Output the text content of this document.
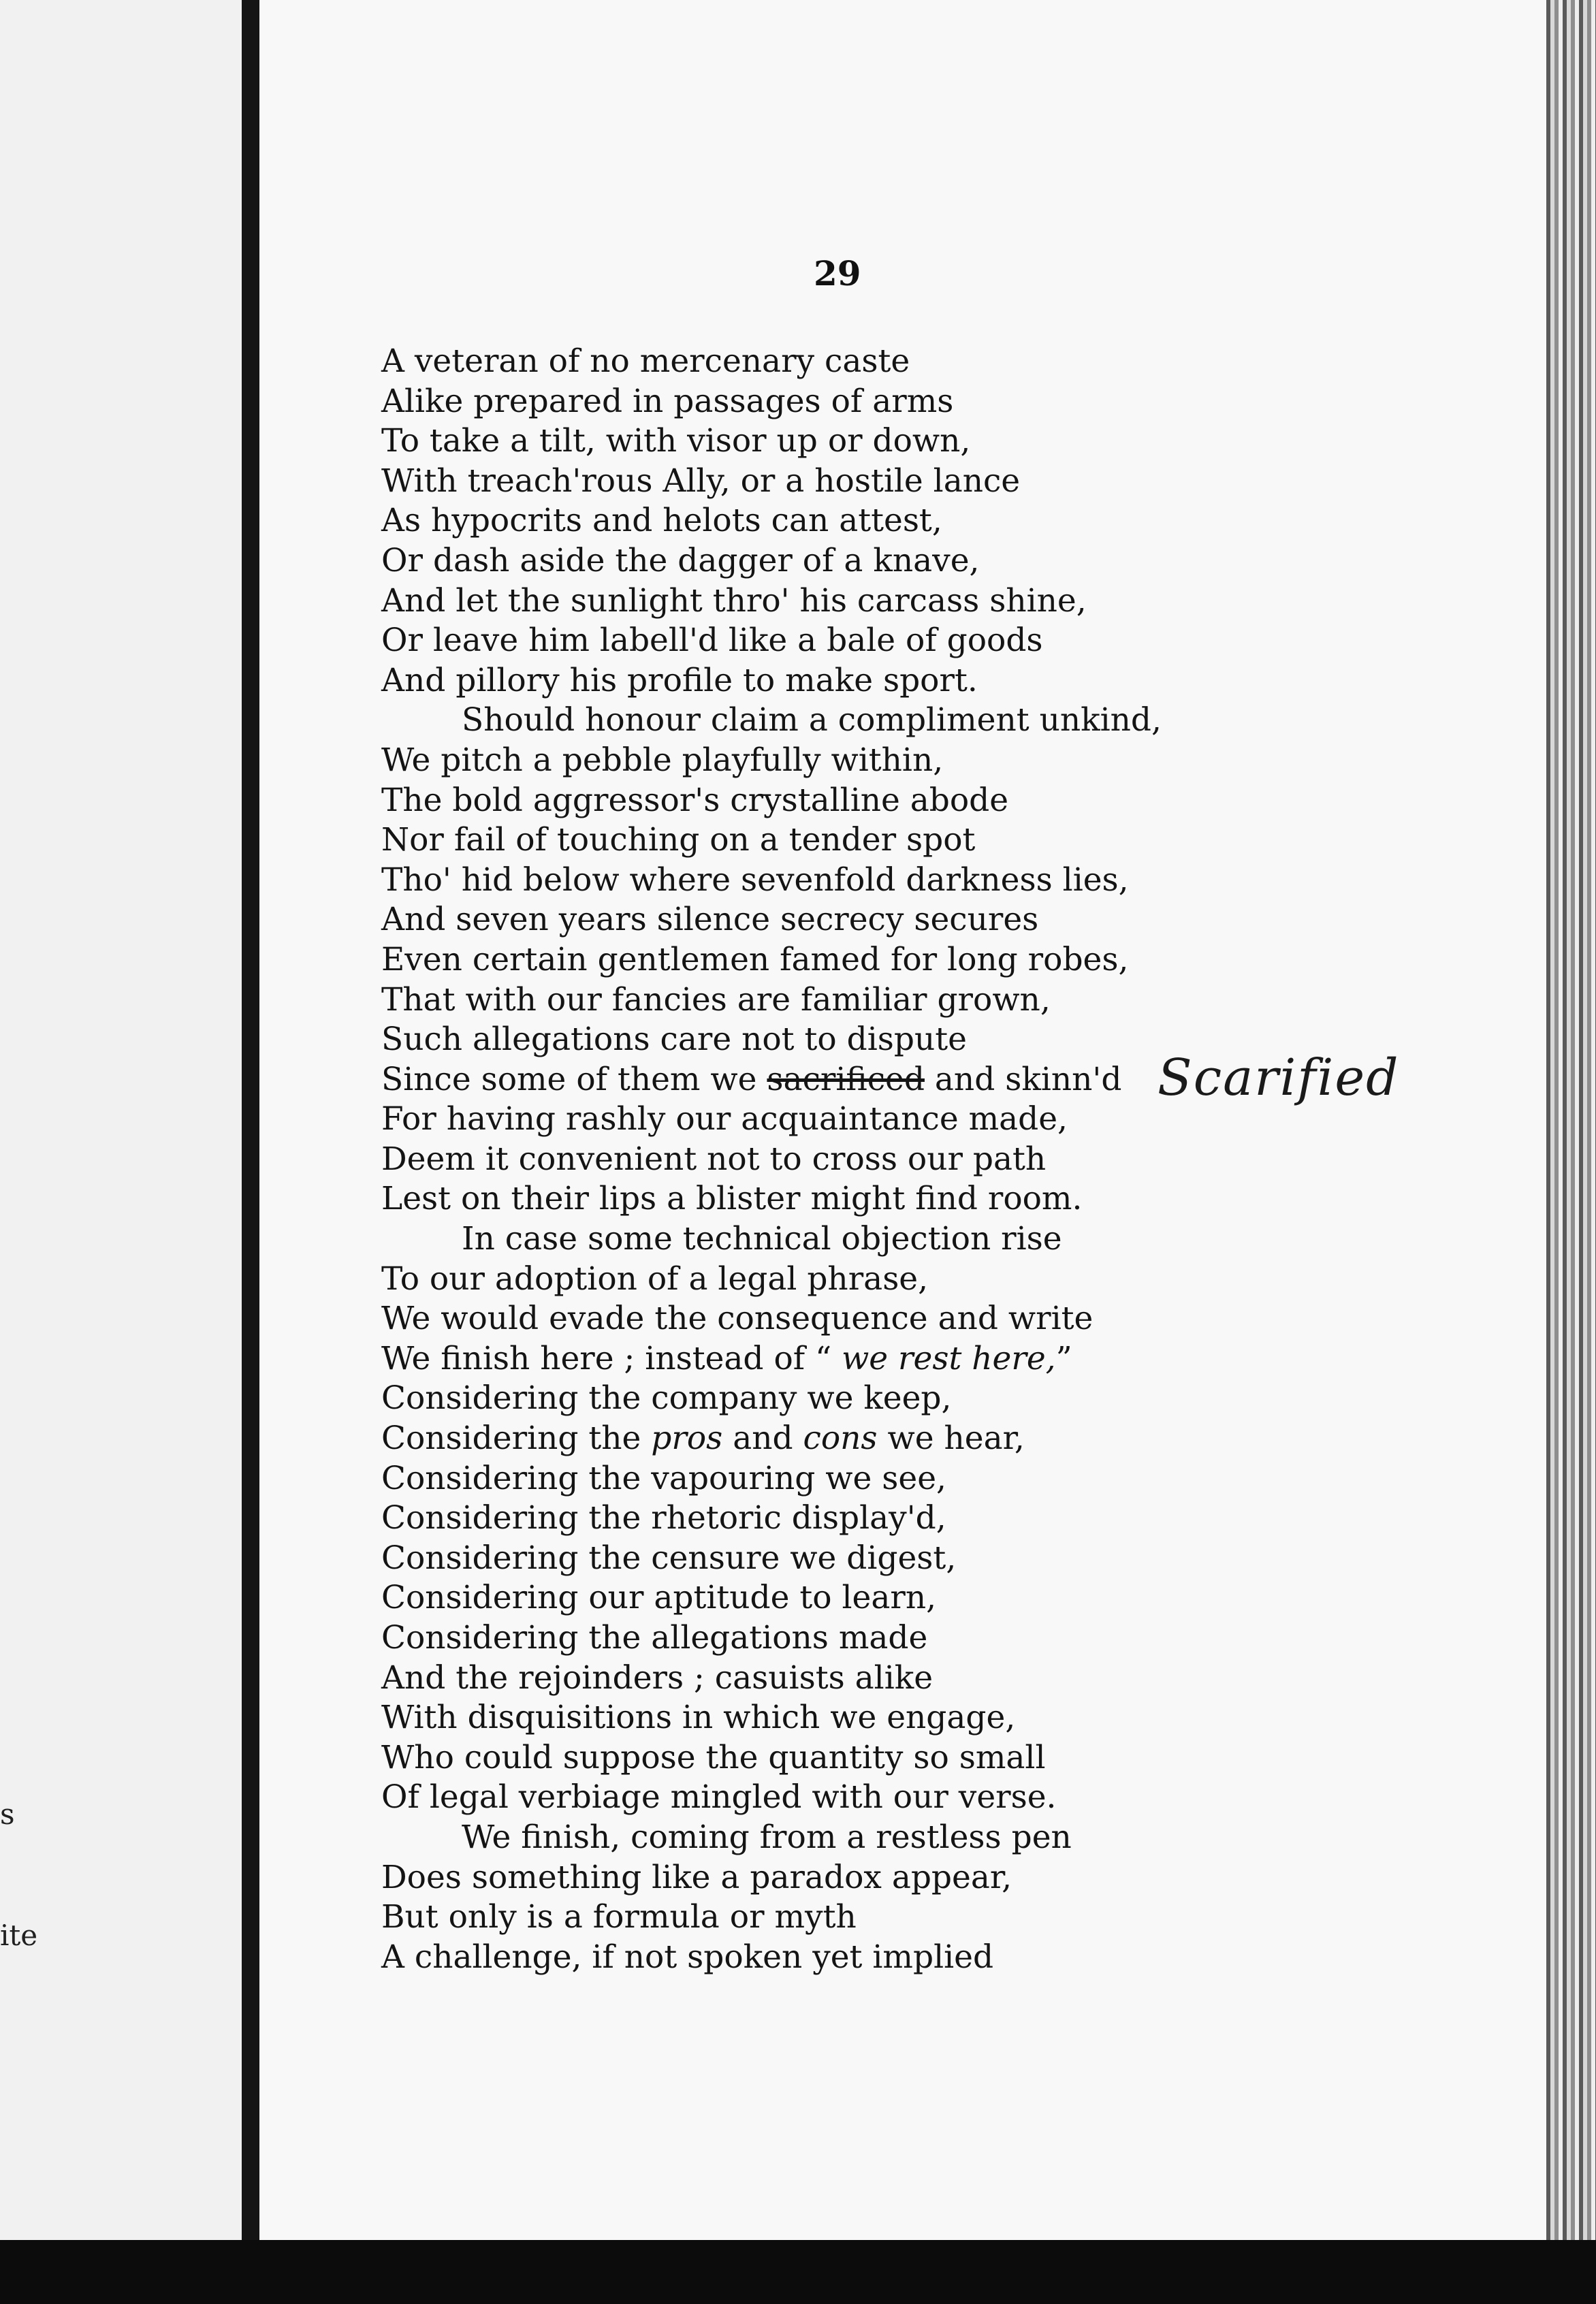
s
ite
29
A veteran of no mercenary caste
Alike prepared in passages of arms
To take a tilt, with visor up or down,
With treach'rous Ally, or a hostile lance
As hypocrits and helots can attest,
Or dash aside the dagger of a knave,
And let the sunlight thro' his carcass shine,
Or leave him labell'd like a bale of goods
And pillory his profile to make sport.
Should honour claim a compliment unkind,
We pitch a pebble playfully within,
The bold aggressor's crystalline abode
Nor fail of touching on a tender spot
Tho' hid below where sevenfold darkness lies,
And seven years silence secrecy secures
Even certain gentlemen famed for long robes,
That with our fancies are familiar grown,
Such allegations care not to dispute
Since some of them we sacrificed and skinn'd
For having rashly our acquaintance made,
Deem it convenient not to cross our path
Lest on their lips a blister might find room.
In case some technical objection rise
To our adoption of a legal phrase,
We would evade the consequence and write
We finish here ; instead of “ we rest here,”
Considering the company we keep,
Considering the pros and cons we hear,
Considering the vapouring we see,
Considering the rhetoric display'd,
Considering the censure we digest,
Considering our aptitude to learn,
Considering the allegations made
And the rejoinders ; casuists alike
With disquisitions in which we engage,
Who could suppose the quantity so small
Of legal verbiage mingled with our verse.
We finish, coming from a restless pen
Does something like a paradox appear,
But only is a formula or myth
A challenge, if not spoken yet implied
Scarified
